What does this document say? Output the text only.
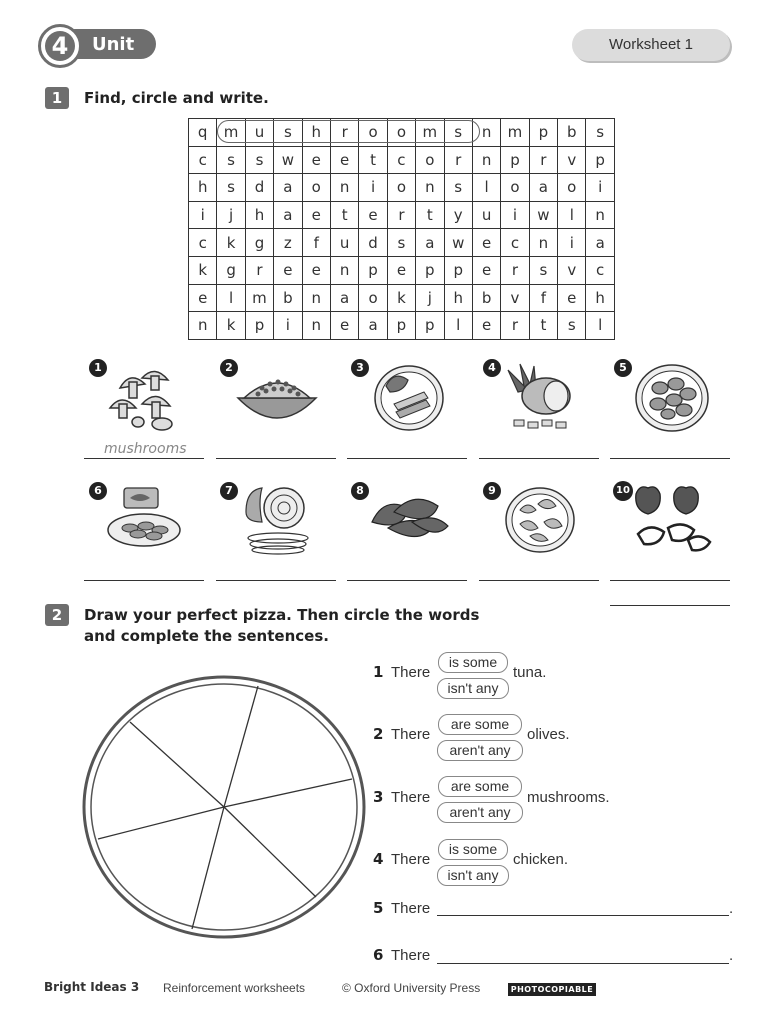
Unit
4	Worksheet 1
1	Find, circle and write.
q	m	u	s	h	r	o	o	m	s	n	m	p	b	s
c	s	s	w	e	e	t	c	o	r	n	p	r	v	p
h	s	d	a	o	n	i	o	n	s	l	o	a	o	i
i	j	h	a	e	t	e	r	t	y	u	i	w	l	n
c	k	g	z	f	u	d	s	a	w	e	c	n	i	a
k	g	r	e	e	n	p	e	p	p	e	r	s	v	c
e	l	m	b	n	a	o	k	j	h	b	v	f	e	h
n	k	p	i	n	e	a	p	p	l	e	r	t	s	l
1	2	3	4	5
mushrooms
6	7	8	9	10
2	Draw your perfect pizza. Then circle the words
and complete the sentences.
1 There
is some
isn't any
tuna.
2 There
are some
aren't any
olives.
3 There
are some
aren't any
mushrooms.
4 There
is some
isn't any
chicken.
5 There	.
6 There	.
Bright Ideas 3 Reinforcement worksheets	© Oxford University Press	PHOTOCOPIABLE
